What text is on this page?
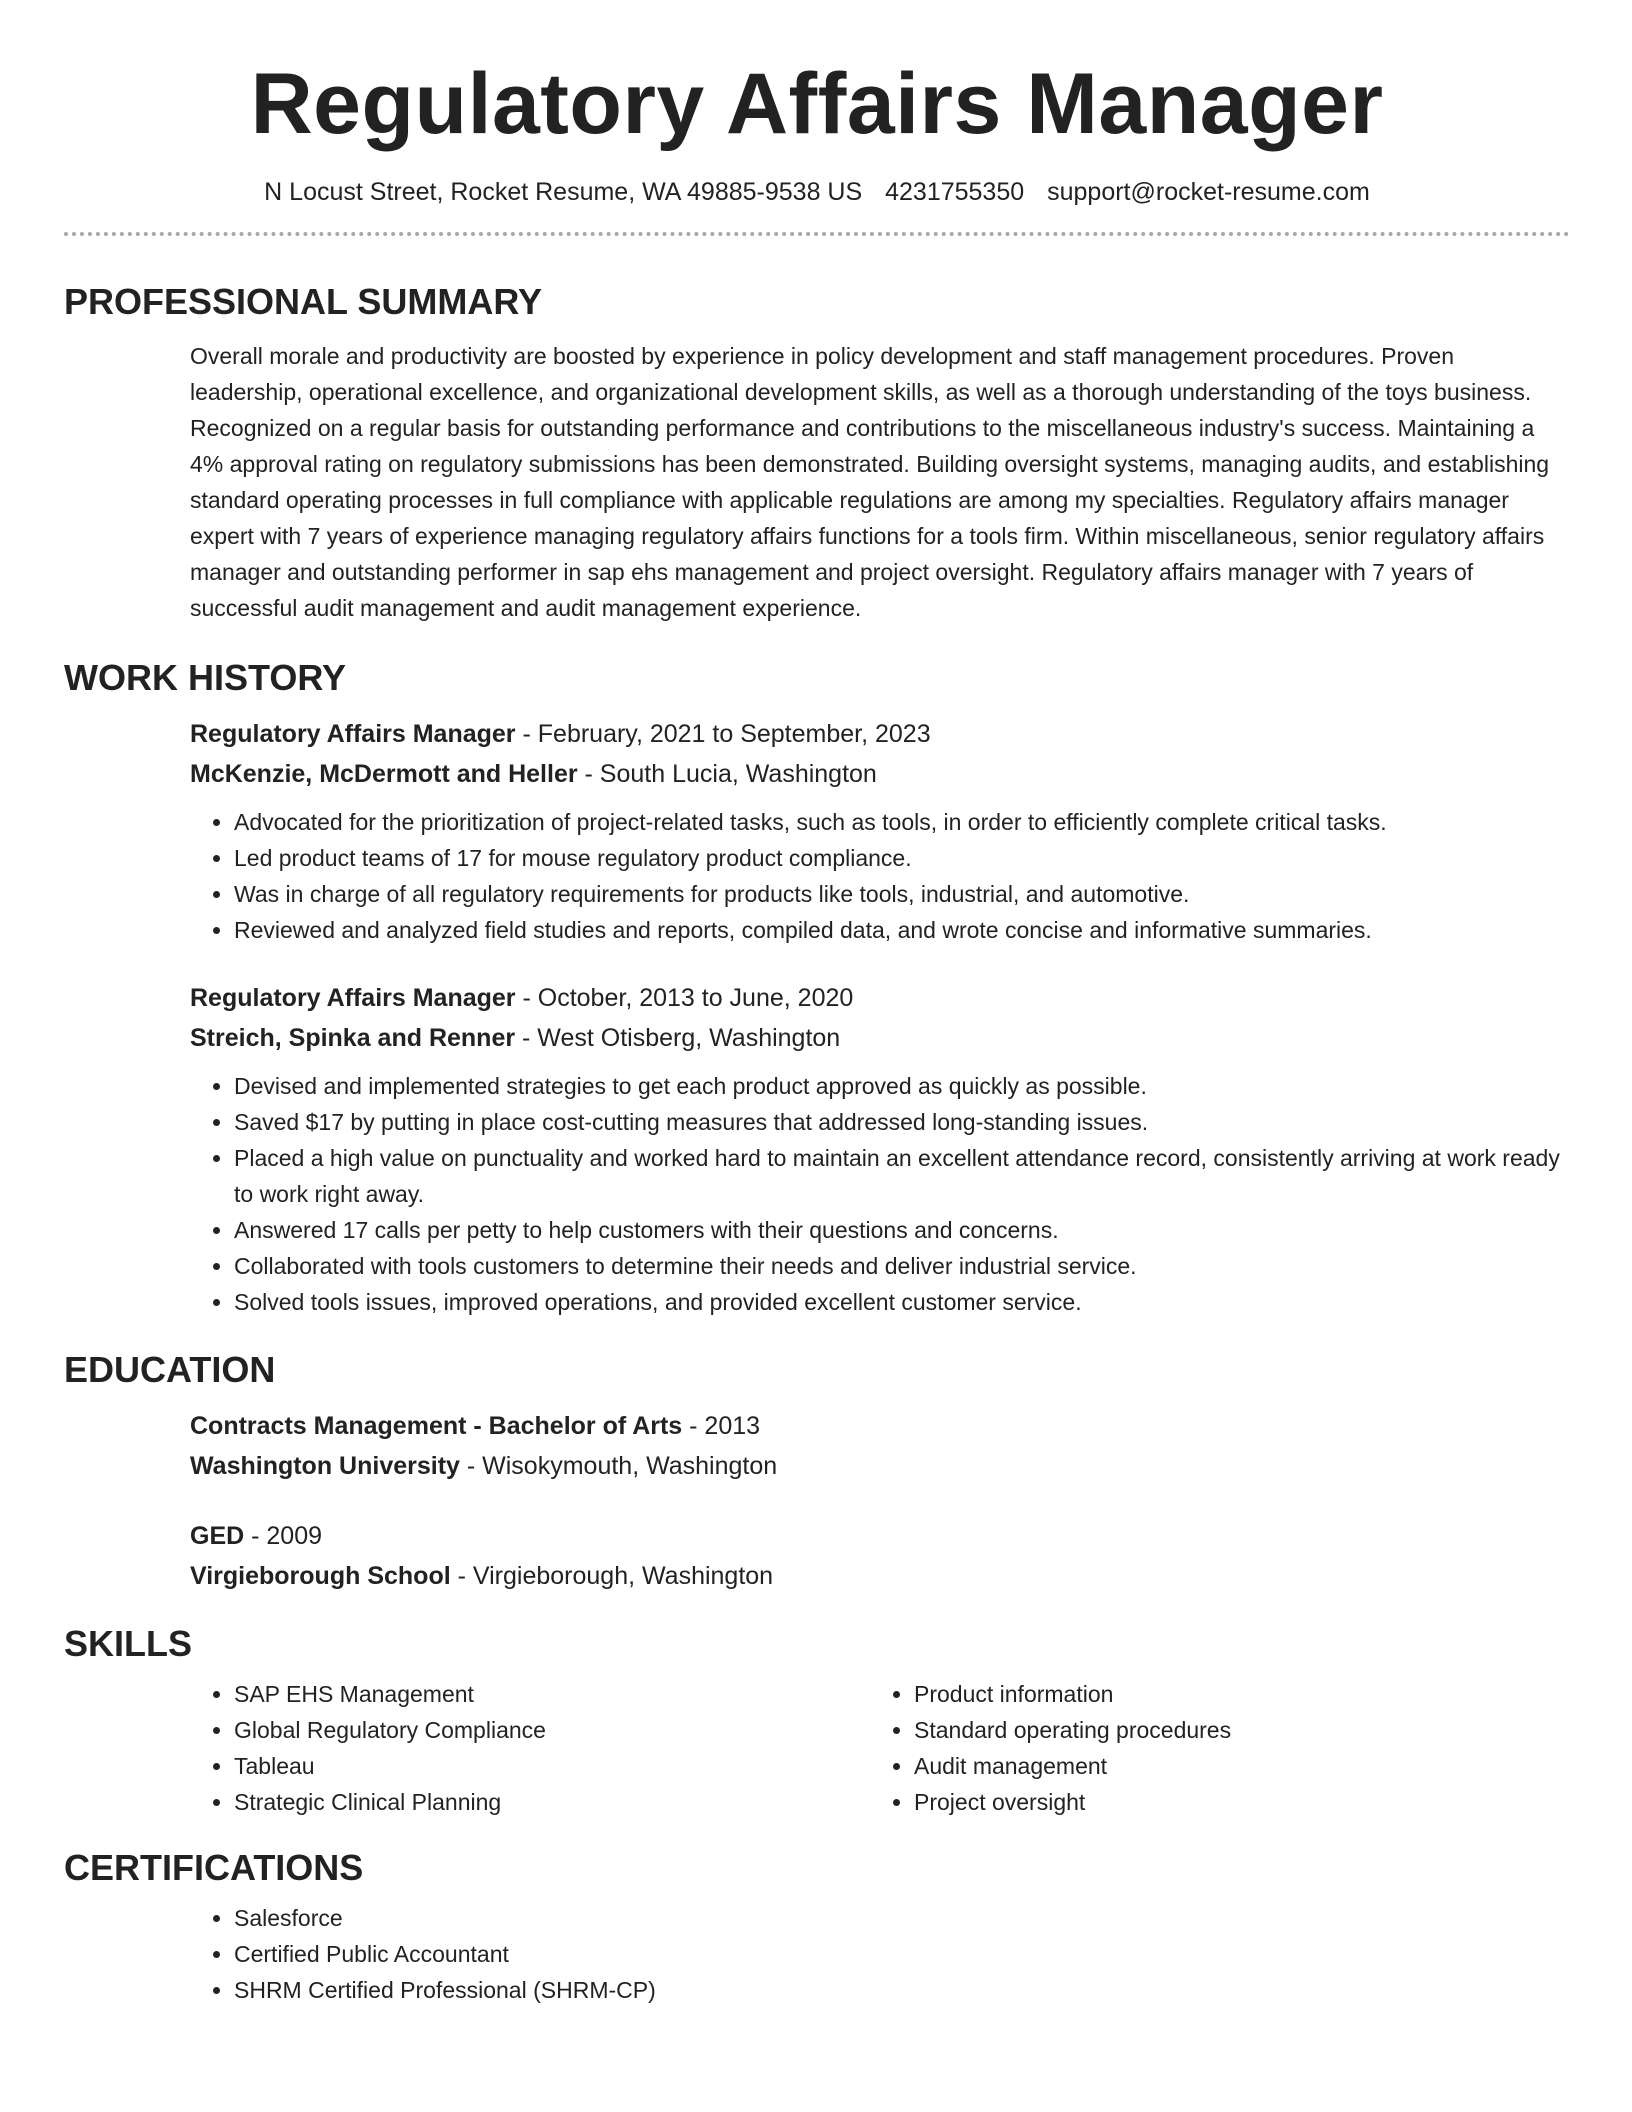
Regulatory Affairs Manager
N Locust Street, Rocket Resume, WA 49885-9538 US 4231755350 support@rocket-resume.com
PROFESSIONAL SUMMARY

Overall morale and productivity are boosted by experience in policy development and staff management procedures. Proven leadership, operational excellence, and organizational development skills, as well as a thorough understanding of the toys business. Recognized on a regular basis for outstanding performance and contributions to the miscellaneous industry's success. Maintaining a 4% approval rating on regulatory submissions has been demonstrated. Building oversight systems, managing audits, and establishing standard operating processes in full compliance with applicable regulations are among my specialties. Regulatory affairs manager expert with 7 years of experience managing regulatory affairs functions for a tools firm. Within miscellaneous, senior regulatory affairs manager and outstanding performer in sap ehs management and project oversight. Regulatory affairs manager with 7 years of successful audit management and audit management experience.

WORK HISTORY
Regulatory Affairs Manager - February, 2021 to September, 2023
McKenzie, McDermott and Heller - South Lucia, Washington
• Advocated for the prioritization of project-related tasks, such as tools, in order to efficiently complete critical tasks.
• Led product teams of 17 for mouse regulatory product compliance.
• Was in charge of all regulatory requirements for products like tools, industrial, and automotive.
• Reviewed and analyzed field studies and reports, compiled data, and wrote concise and informative summaries.
Regulatory Affairs Manager - October, 2013 to June, 2020
Streich, Spinka and Renner - West Otisberg, Washington
• Devised and implemented strategies to get each product approved as quickly as possible.
• Saved $17 by putting in place cost-cutting measures that addressed long-standing issues.
• Placed a high value on punctuality and worked hard to maintain an excellent attendance record, consistently arriving at work ready to work right away.
• Answered 17 calls per petty to help customers with their questions and concerns.
• Collaborated with tools customers to determine their needs and deliver industrial service.
• Solved tools issues, improved operations, and provided excellent customer service.
EDUCATION
Contracts Management - Bachelor of Arts - 2013
Washington University - Wisokymouth, Washington
GED - 2009
Virgieborough School - Virgieborough, Washington
SKILLS
• SAP EHS Management
• Global Regulatory Compliance
• Tableau
• Strategic Clinical Planning
• Product information
• Standard operating procedures
• Audit management
• Project oversight
CERTIFICATIONS
• Salesforce
• Certified Public Accountant
• SHRM Certified Professional (SHRM-CP)
